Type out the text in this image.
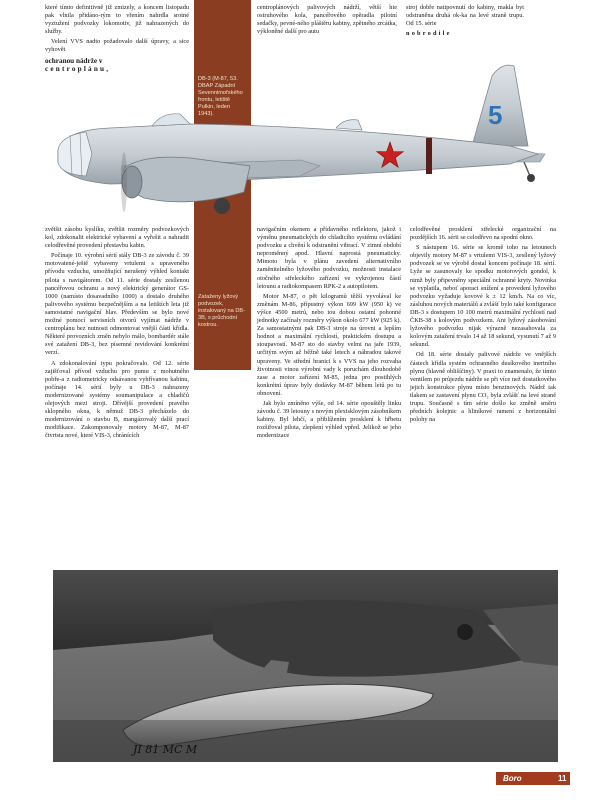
které tímto definitivně již zmizely, a koncem listopadu pak vlnila přidáno-rým to vřením nahrdla srotné vyztužení podvozky lokomotiv, již nahrazených do služby.

Velení VVS nadto požadovalo další úpravy, a sice vyhovět

ochranou nádrže v
centroplánu,

DB-3 (M-87, 53. DBAP Západní Sevennimořského frontu, letiště Pulkin, leden 1943).
Zataženy lyžový podvozek, instalovaný na DB-3B, s průchodní kostrou.

centroplánových palivových nádrží, větší hte ostruhového kola, pancéřového opěradla pilotní sedačky, pevné-ného pláštěru kabiny, zpětného zrcátka, výkloněné další pro autu

stroj dobře natipovnutí do kabiny, makla byt odstraněna druhá ok-ka na levé straně trupu. Od 15. série

nobrodile

5

zvětšit zásobu kyslíku, zvětšit rozměry podvozkových kol, zdokonalit elektrické vybavení a vyřešit a nahradit celodřevěné provedení přestavbu kabin.

Počínaje 10. výrobní sérií stály DB-3 ze závodu č. 39 motovatené-ještě vybaveny vrtulemi s upraveného přívodu vzduchu, umožňující nerušený výhled kontakt pilota s navigátorem. Od 11. série dostaly zesílenou pancéřovou ochranu a nový elektrický generátor GS-1000 (namísto dosavadního 1000) a dostalo druhého palivového systému bezpečnějším a na letištích leta již samostatné navigační hlav. Především se bylo nové možné pomocí servisních otvorů vyjímat nádrže v centroplánu bez nutnosti odmontovat vnější části křídla. Některé provozních změn nebylo málo, bombardér stále své zatažení DB-3, bez písemné revidování konkrétní verzí.

A zdokonalování typu pokračovalo. Od 12. série zajišťoval přívod vzduchu pro pumu z mohutného pobře-a z radiometricky odsávanou vyhřívanou kabinu, počínaje 14. sérií byly u DB-3 nahrazeny modernizované systémy soumanipulace a chladičů olejových mezi stroji. Dřívější provedení pravého sklopného okna, k němuž DB-3 přecházelo do modernizování o stavbu B, mangázovalý další prací modifikace. Zakomponovaly motory M-87, M-87 čtvrtsta nové, které VIS-3, chránících

navigačním okenem a přídavného reflektoru, jakož i výměnu pneumatických do chladicího systému ovládání podvozku a chvění k odstranění vibrací. V zimní období neproměnný apod. Hlavní naprostá pneumaticky. Mimoto byla v plánu zavedení alternativního zaměnitelného lyžového podvozku, možnosti instalace otočného střeleckého zařízení ve vykrojenou částí letounu a radiokompasem RPK-2 a autopilotem.

Motor M-87, o pět kilogramů těžší vyvolával ke změnám M-86, přípustný výkon 699 kW (950 k) ve výšce 4500 metrů, nebo tou dobou ostatní pohonné jednotky začínaly rozměry výkon okolo 677 kW (925 k). Za samostatnými pak DB-3 stroje na úrovni a lepším hodnot a maximální rychlostí, praktickém dostupu a stoupavostí. M-87 sto do stavby velmi na jaře 1939, určitým svým až běžně také letech a náhradou takové upraveny. Ve střední hranici k s VVS na jeho rozvaha životnosti vinou výrobní vady k poruchám dlouhodobě zase a motor zařízení M-85, jedna pro postihlých konkrétní úprav byly dodávky M-87 během letů po tu obnovení.

Jak bylo zmíněno výše, od 14. série opouštěly linku závodu č. 39 letouny s novým plexisklovým zásobníkem kabiny. Byl lehčí, a přiblížením prosklení k hřbetu rozšiřoval pilota, zlepšení výhled vpřed. Jelikož se jeho modernizace

celodřevěné prosklení střelecké organizační na pozdějších 16. sérii se celodřevo na spodní okno.

S nástupem 16. série se kromě toho na letounech objevily motory M-87 s vrtulemi VIS-3, zesílený lyžový podvozek se ve výrobě dostal koncem počínaje 18. sérií. Lyže se zasunovaly ke spodku motorových gondol, k nimž byly připevněny speciální ochranné kryty. Novinka se vyplatila, neboť aporaci snížení a provedení lyžového podvozku vyžaduje kovové k ± 12 km/h. Na co víc, zásluhou nových materiálů a zvlášť bylo také konfigurace DB-3 s dostupem 10 100 metrů maximální rychlostí nad ČKB-38 s kolovým podvozkem. Ani lyžový zásobování lyžového podvozku nijak výrazně nezasahovala za kolovým zatažení trvalo 14 až 18 sekund, vysunutí 7 až 9 sekund.

Od 18. série dostaly palivové nádrže ve vnějších částech křídla systém ochranného dusíkového inertního plynu (hlavně oblišíčiny). V praxi to znamenalo, že tímto ventilem po průjezdu nádrže se při více než dostatkového jejich konstrukce plynu místo benzinových. Nádrž tak tlakem se zastavení plynu CO₂ byla zvlášť na levé straně trupu. Současně s tím série došlo ke změně směru předních kolejnic a hliníkové ramení z horizontální polohy na

JI 81 MC M
Boro	11
